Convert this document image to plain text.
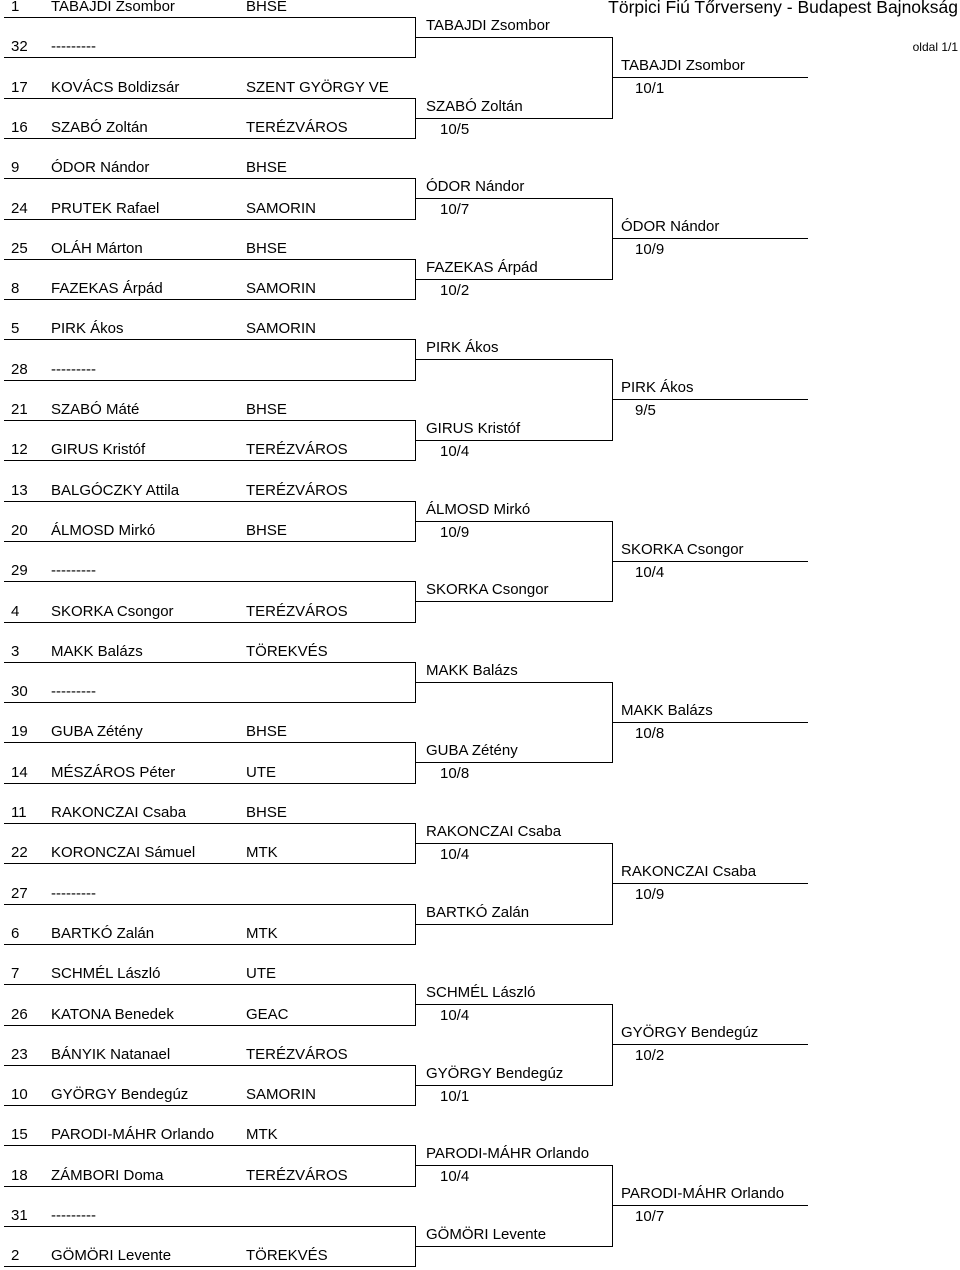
Törpici Fiú Tőrverseny - Budapest Bajnokság
oldal 1/1
1 TABAJDI Zsombor	BHSE
32 ---------
17 KOVÁCS Boldizsár	SZENT GYÖRGY VE
16 SZABÓ Zoltán	TERÉZVÁROS
9 ÓDOR Nándor	BHSE
24 PRUTEK Rafael	SAMORIN
25 OLÁH Márton	BHSE
8 FAZEKAS Árpád	SAMORIN
5 PIRK Ákos	SAMORIN
28 ---------
21 SZABÓ Máté	BHSE
12 GIRUS Kristóf	TERÉZVÁROS
13 BALGÓCZKY Attila	TERÉZVÁROS
20 ÁLMOSD Mirkó	BHSE
29 ---------
4 SKORKA Csongor	TERÉZVÁROS
3 MAKK Balázs	TÖREKVÉS
30 ---------
19 GUBA Zétény	BHSE
14 MÉSZÁROS Péter	UTE
11 RAKONCZAI Csaba	BHSE
22 KORONCZAI Sámuel	MTK
27 ---------
6 BARTKÓ Zalán	MTK
7 SCHMÉL László	UTE
26 KATONA Benedek	GEAC
23 BÁNYIK Natanael	TERÉZVÁROS
10 GYÖRGY Bendegúz	SAMORIN
15 PARODI-MÁHR Orlando MTK
18 ZÁMBORI Doma	TERÉZVÁROS
31 ---------
2 GÖMÖRI Levente	TÖREKVÉS
TABAJDI Zsombor
SZABÓ Zoltán
10/5
ÓDOR Nándor
10/7
FAZEKAS Árpád
10/2
PIRK Ákos
GIRUS Kristóf
10/4
ÁLMOSD Mirkó
10/9
SKORKA Csongor
MAKK Balázs
GUBA Zétény
10/8
RAKONCZAI Csaba
10/4
BARTKÓ Zalán
SCHMÉL László
10/4
GYÖRGY Bendegúz
10/1
PARODI-MÁHR Orlando
10/4
GÖMÖRI Levente
TABAJDI Zsombor
10/1
ÓDOR Nándor
10/9
PIRK Ákos
9/5
SKORKA Csongor
10/4
MAKK Balázs
10/8
RAKONCZAI Csaba
10/9
GYÖRGY Bendegúz
10/2
PARODI-MÁHR Orlando
10/7
